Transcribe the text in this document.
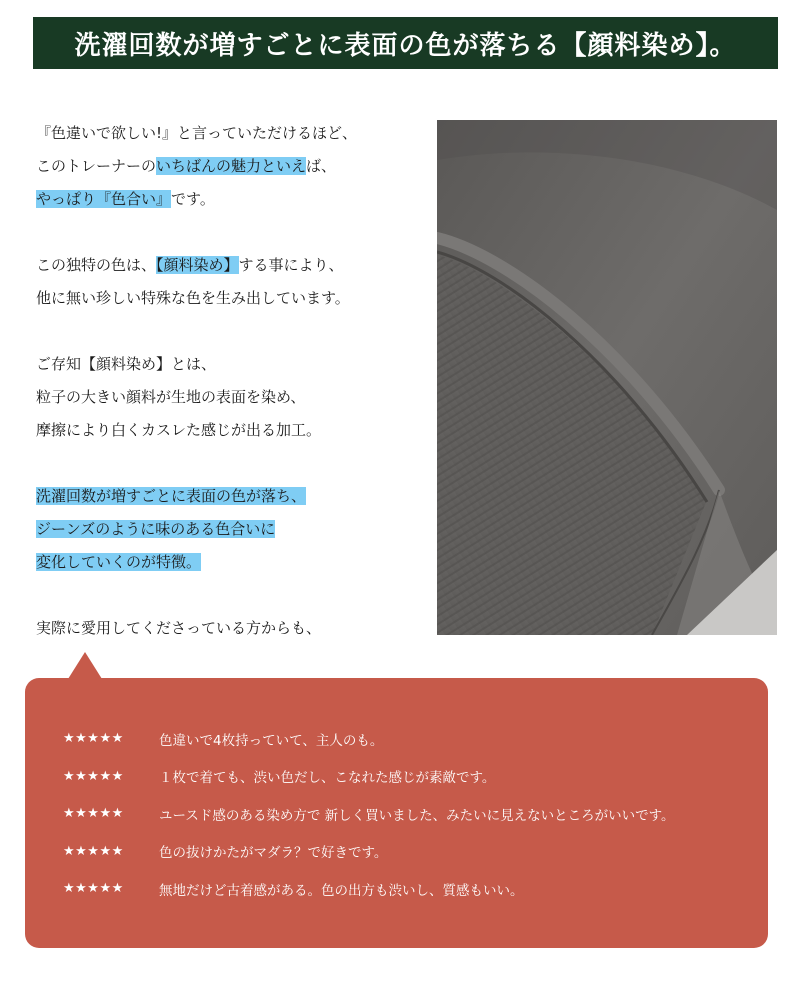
洗濯回数が増すごとに表面の色が落ちる【顔料染め】。
『色違いで欲しい!』と言っていただけるほど、
このトレーナーのいちばんの魅力といえば、
やっぱり『色合い』です。
この独特の色は、【顔料染め】する事により、
他に無い珍しい特殊な色を生み出しています。
ご存知【顔料染め】とは、
粒子の大きい顔料が生地の表面を染め、
摩擦により白くカスレた感じが出る加工。
洗濯回数が増すごとに表面の色が落ち、
ジーンズのように味のある色合いに
変化していくのが特徴。
実際に愛用してくださっている方からも、
★★★★★	色違いで4枚持っていて、主人のも。
★★★★★	１枚で着ても、渋い色だし、こなれた感じが素敵です。
★★★★★	ユースド感のある染め方で 新しく買いました、みたいに見えないところがいいです。
★★★★★	色の抜けかたがマダラ？で好きです。
★★★★★	無地だけど古着感がある。色の出方も渋いし、質感もいい。
